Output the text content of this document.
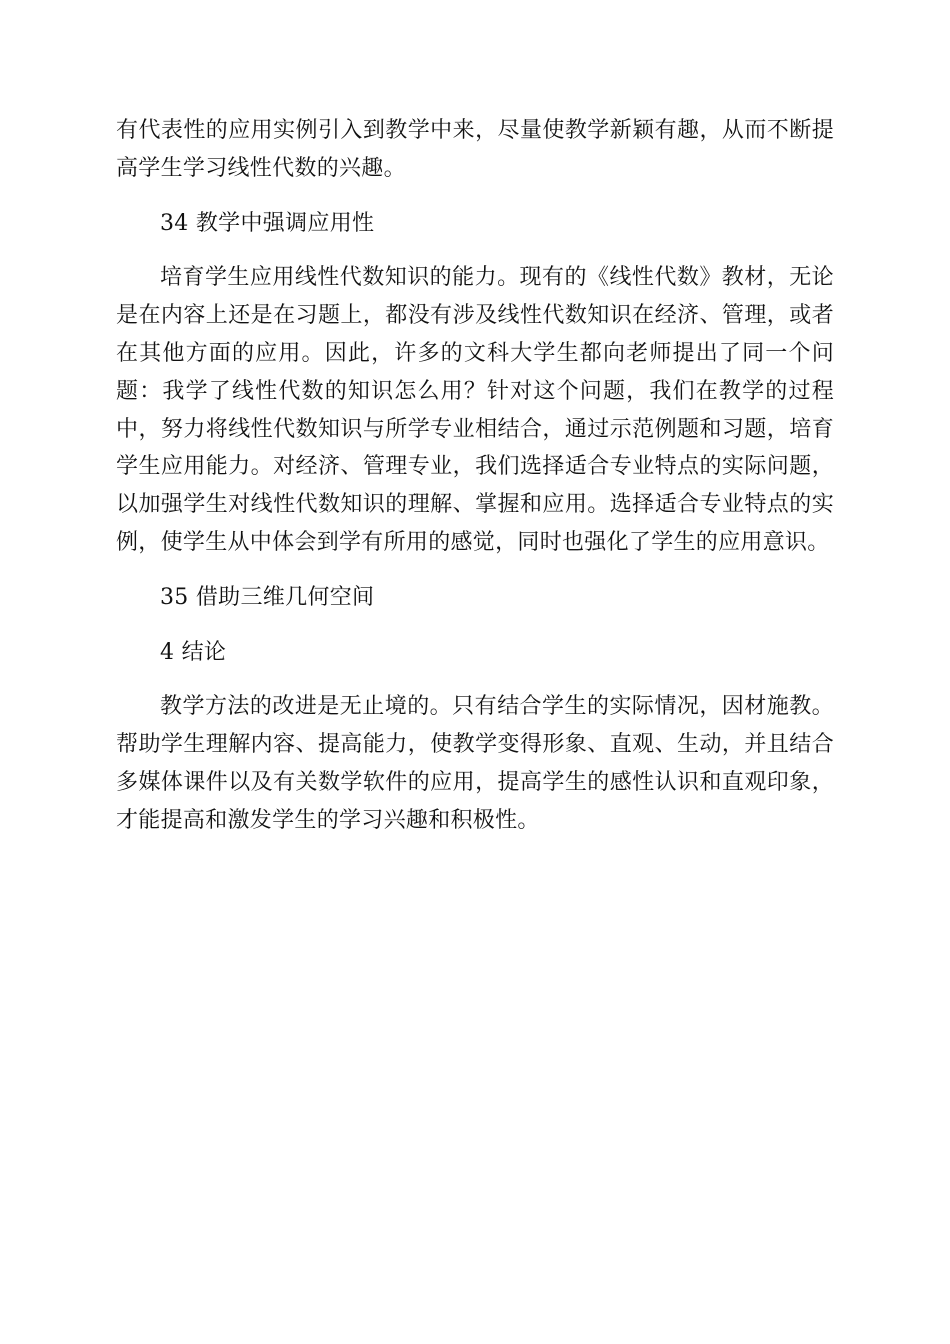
有代表性的应用实例引入到教学中来，尽量使教学新颖有趣，从而不断提高学生学习线性代数的兴趣。

34 教学中强调应用性

培育学生应用线性代数知识的能力。现有的《线性代数》教材，无论是在内容上还是在习题上，都没有涉及线性代数知识在经济、管理，或者在其他方面的应用。因此，许多的文科大学生都向老师提出了同一个问题：我学了线性代数的知识怎么用？针对这个问题，我们在教学的过程中，努力将线性代数知识与所学专业相结合，通过示范例题和习题，培育学生应用能力。对经济、管理专业，我们选择适合专业特点的实际问题，以加强学生对线性代数知识的理解、掌握和应用。选择适合专业特点的实例，使学生从中体会到学有所用的感觉，同时也强化了学生的应用意识。

35 借助三维几何空间
4 结论

教学方法的改进是无止境的。只有结合学生的实际情况，因材施教。帮助学生理解内容、提高能力，使教学变得形象、直观、生动，并且结合多媒体课件以及有关数学软件的应用，提高学生的感性认识和直观印象，才能提高和激发学生的学习兴趣和积极性。
